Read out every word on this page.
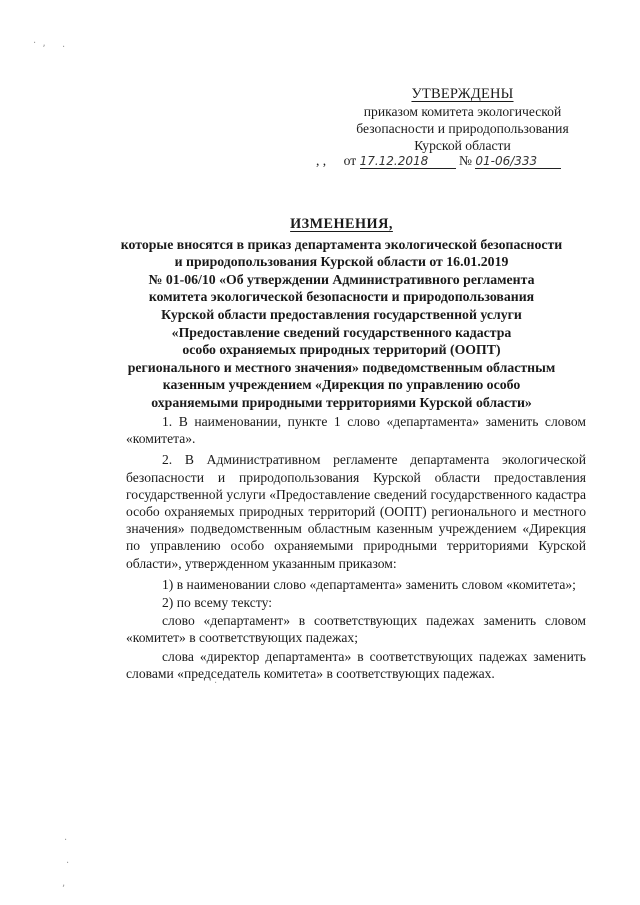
УТВЕРЖДЕНЫ
приказом комитета экологической
безопасности и природопользования
Курской области
, , от 17.12.2018 № 01-06/333
ИЗМЕНЕНИЯ,
которые вносятся в приказ департамента экологической безопасности
и природопользования Курской области от 16.01.2019
№ 01-06/10 «Об утверждении Административного регламента
комитета экологической безопасности и природопользования
Курской области предоставления государственной услуги
«Предоставление сведений государственного кадастра
особо охраняемых природных территорий (ООПТ)
регионального и местного значения» подведомственным областным
казенным учреждением «Дирекция по управлению особо
охраняемыми природными территориями Курской области»

1. В наименовании, пункте 1 слово «департамента» заменить словом «комитета».

2. В Административном регламенте департамента экологической безопасности и природопользования Курской области предоставления государственной услуги «Предоставление сведений государственного кадастра особо охраняемых природных территорий (ООПТ) регионального и местного значения» подведомственным областным казенным учреждением «Дирекция по управлению особо охраняемыми природными территориями Курской области», утвержденном указанным приказом:

1) в наименовании слово «департамента» заменить словом «комитета»;

2) по всему тексту:

слово «департамент» в соответствующих падежах заменить словом «комитет» в соответствующих падежах;

слова «директор департамента» в соответствующих падежах заменить словами «председатель комитета» в соответствующих падежах.

·  , ·
·
·
·
,
